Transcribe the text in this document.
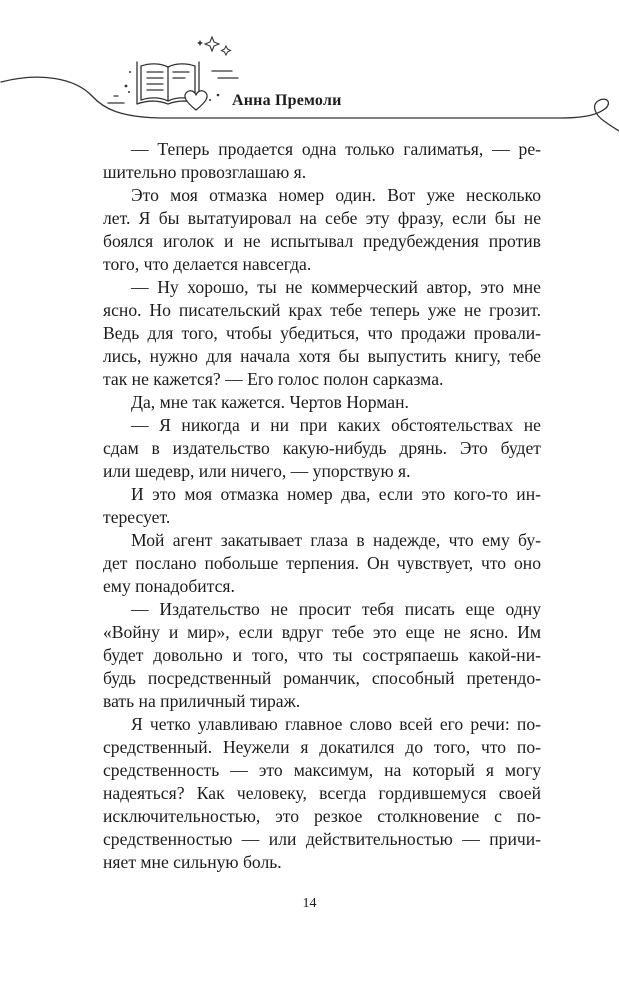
Анна Премоли
— Теперь продается одна только галиматья, — ре-
шительно провозглашаю я.
Это моя отмазка номер один. Вот уже несколько
лет. Я бы вытатуировал на себе эту фразу, если бы не
боялся иголок и не испытывал предубеждения против
того, что делается навсегда.
— Ну хорошо, ты не коммерческий автор, это мне
ясно. Но писательский крах тебе теперь уже не грозит.
Ведь для того, чтобы убедиться, что продажи провали-
лись, нужно для начала хотя бы выпустить книгу, тебе
так не кажется? — Его голос полон сарказма.
Да, мне так кажется. Чертов Норман.
— Я никогда и ни при каких обстоятельствах не
сдам в издательство какую-нибудь дрянь. Это будет
или шедевр, или ничего, — упорствую я.
И это моя отмазка номер два, если это кого-то ин-
тересует.
Мой агент закатывает глаза в надежде, что ему бу-
дет послано побольше терпения. Он чувствует, что оно
ему понадобится.
— Издательство не просит тебя писать еще одну
«Войну и мир», если вдруг тебе это еще не ясно. Им
будет довольно и того, что ты состряпаешь какой-ни-
будь посредственный романчик, способный претендо-
вать на приличный тираж.
Я четко улавливаю главное слово всей его речи: по-
средственный. Неужели я докатился до того, что по-
средственность — это максимум, на который я могу
надеяться? Как человеку, всегда гордившемуся своей
исключительностью, это резкое столкновение с по-
средственностью — или действительностью — причи-
няет мне сильную боль.
14
